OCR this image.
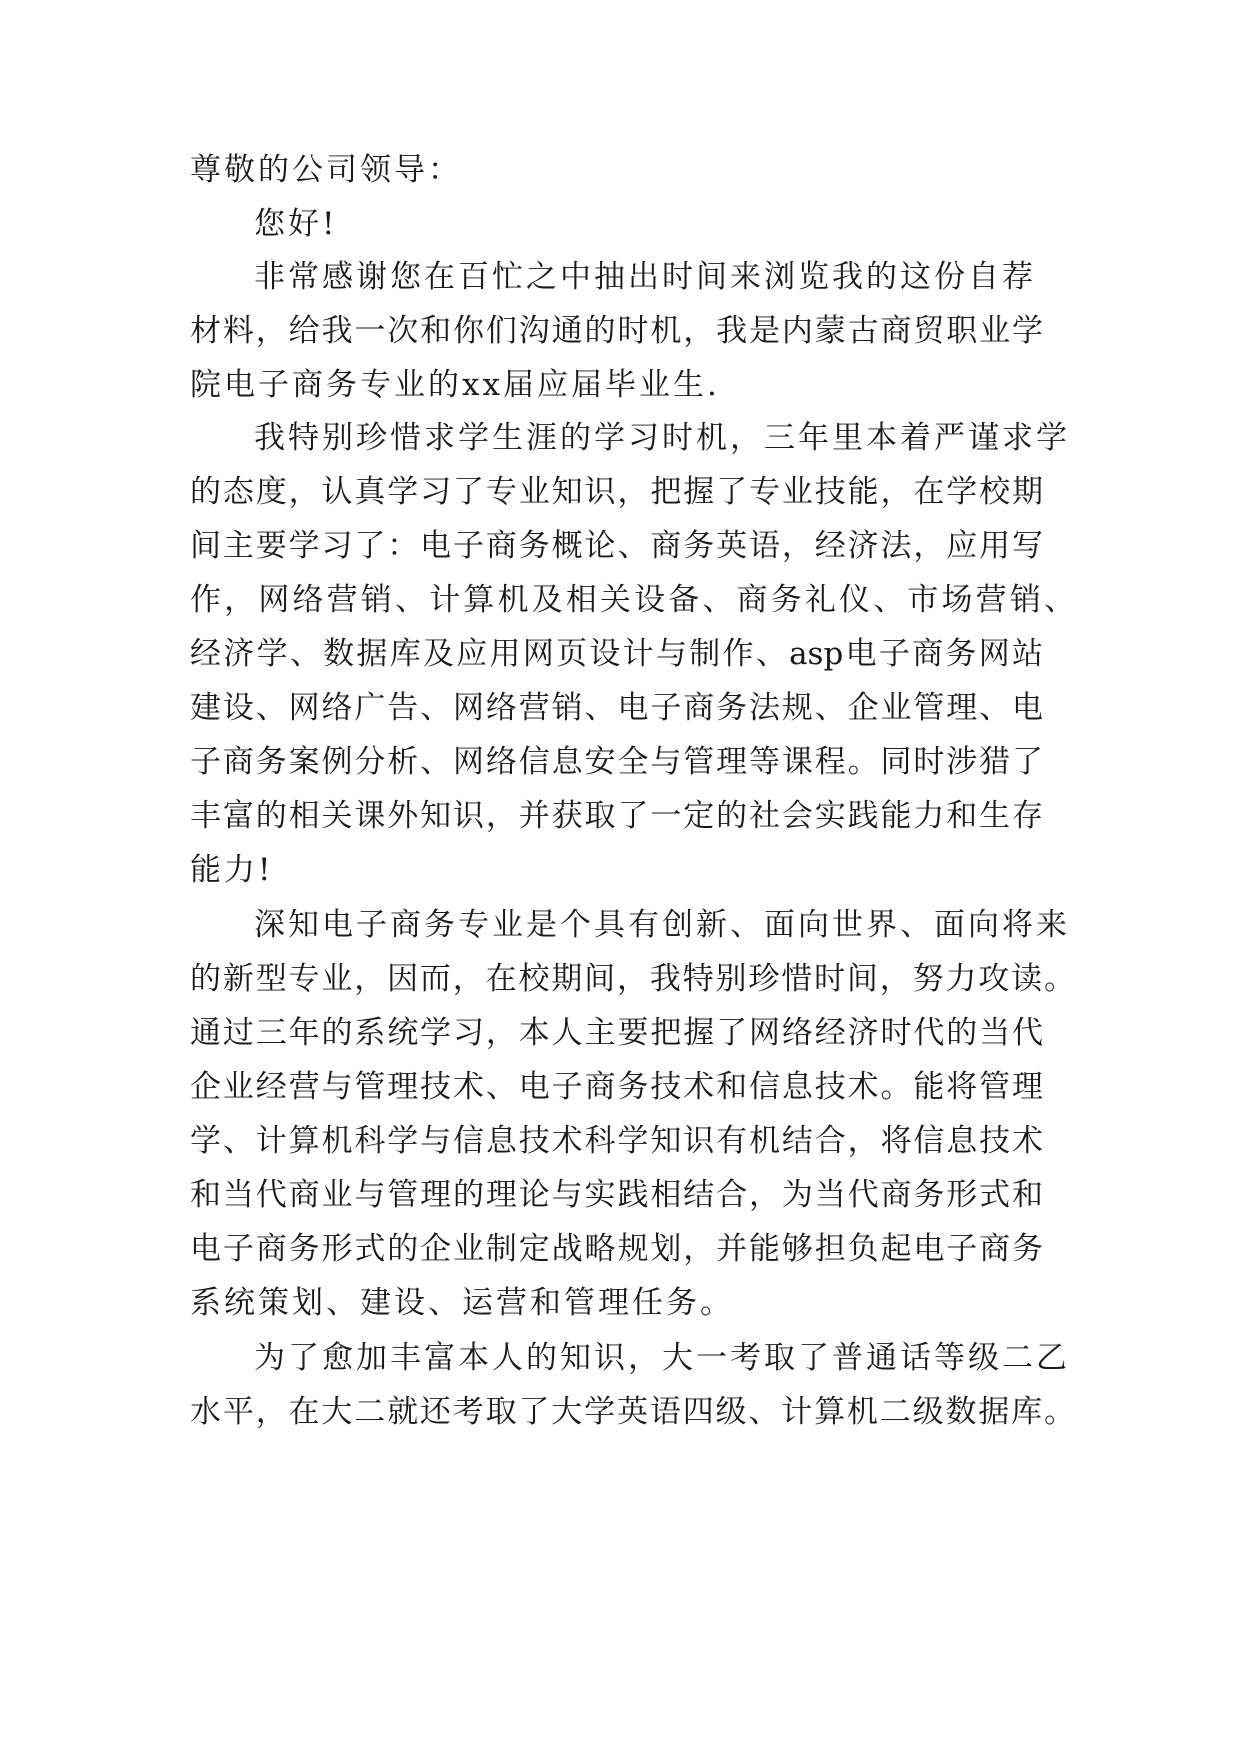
尊敬的公司领导：
您好!
非常感谢您在百忙之中抽出时间来浏览我的这份自荐
材料，给我一次和你们沟通的时机，我是内蒙古商贸职业学
院电子商务专业的xx届应届毕业生.
我特别珍惜求学生涯的学习时机，三年里本着严谨求学
的态度，认真学习了专业知识，把握了专业技能，在学校期
间主要学习了：电子商务概论、商务英语，经济法，应用写
作，网络营销、计算机及相关设备、商务礼仪、市场营销、
经济学、数据库及应用网页设计与制作、asp电子商务网站
建设、网络广告、网络营销、电子商务法规、企业管理、电
子商务案例分析、网络信息安全与管理等课程。同时涉猎了
丰富的相关课外知识，并获取了一定的社会实践能力和生存
能力!
深知电子商务专业是个具有创新、面向世界、面向将来
的新型专业，因而，在校期间，我特别珍惜时间，努力攻读。
通过三年的系统学习，本人主要把握了网络经济时代的当代
企业经营与管理技术、电子商务技术和信息技术。能将管理
学、计算机科学与信息技术科学知识有机结合，将信息技术
和当代商业与管理的理论与实践相结合，为当代商务形式和
电子商务形式的企业制定战略规划，并能够担负起电子商务
系统策划、建设、运营和管理任务。
为了愈加丰富本人的知识，大一考取了普通话等级二乙
水平，在大二就还考取了大学英语四级、计算机二级数据库。
